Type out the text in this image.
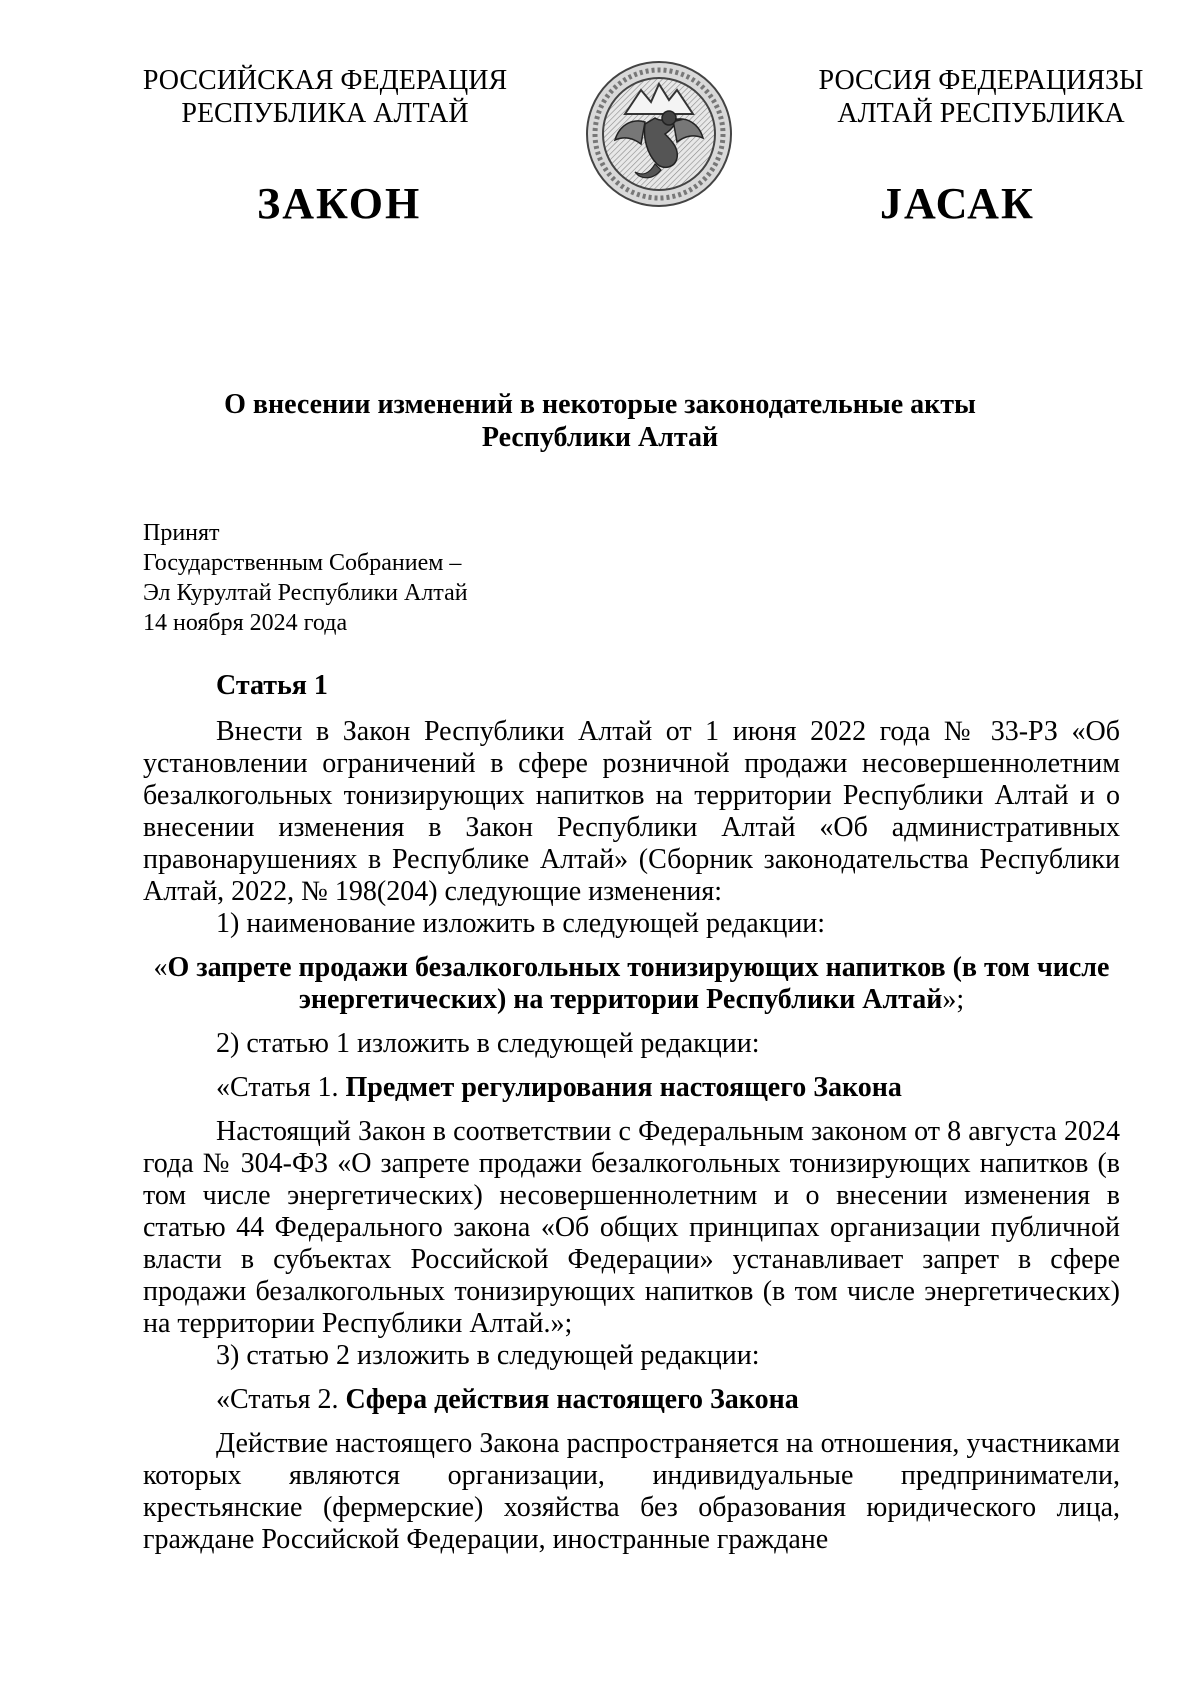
РОССИЙСКАЯ ФЕДЕРАЦИЯ
РЕСПУБЛИКА АЛТАЙ
РОССИЯ ФЕДЕРАЦИЯЗЫ
АЛТАЙ РЕСПУБЛИКА
ЗАКОН	JАСАК
О внесении изменений в некоторые законодательные акты
Республики Алтай
Принят
Государственным Собранием –
Эл Курултай Республики Алтай
14 ноября 2024 года

Статья 1

Внести в Закон Республики Алтай от 1 июня 2022 года № 33-РЗ «Об установлении ограничений в сфере розничной продажи несовершеннолетним безалкогольных тонизирующих напитков на территории Республики Алтай и о внесении изменения в Закон Республики Алтай «Об административных правонарушениях в Республике Алтай» (Сборник законодательства Республики Алтай, 2022, № 198(204) следующие изменения:

1) наименование изложить в следующей редакции:

«О запрете продажи безалкогольных тонизирующих напитков (в том числе
энергетических) на территории Республики Алтай»;

2) статью 1 изложить в следующей редакции:

«Статья 1. Предмет регулирования настоящего Закона

Настоящий Закон в соответствии с Федеральным законом от 8 августа 2024 года № 304-ФЗ «О запрете продажи безалкогольных тонизирующих напитков (в том числе энергетических) несовершеннолетним и о внесении изменения в статью 44 Федерального закона «Об общих принципах организации публичной власти в субъектах Российской Федерации» устанавливает запрет в сфере продажи безалкогольных тонизирующих напитков (в том числе энергетических) на территории Республики Алтай.»;

3) статью 2 изложить в следующей редакции:

«Статья 2. Сфера действия настоящего Закона

Действие настоящего Закона распространяется на отношения, участниками которых являются организации, индивидуальные предприниматели, крестьянские (фермерские) хозяйства без образования юридического лица, граждане Российской Федерации, иностранные граждане
